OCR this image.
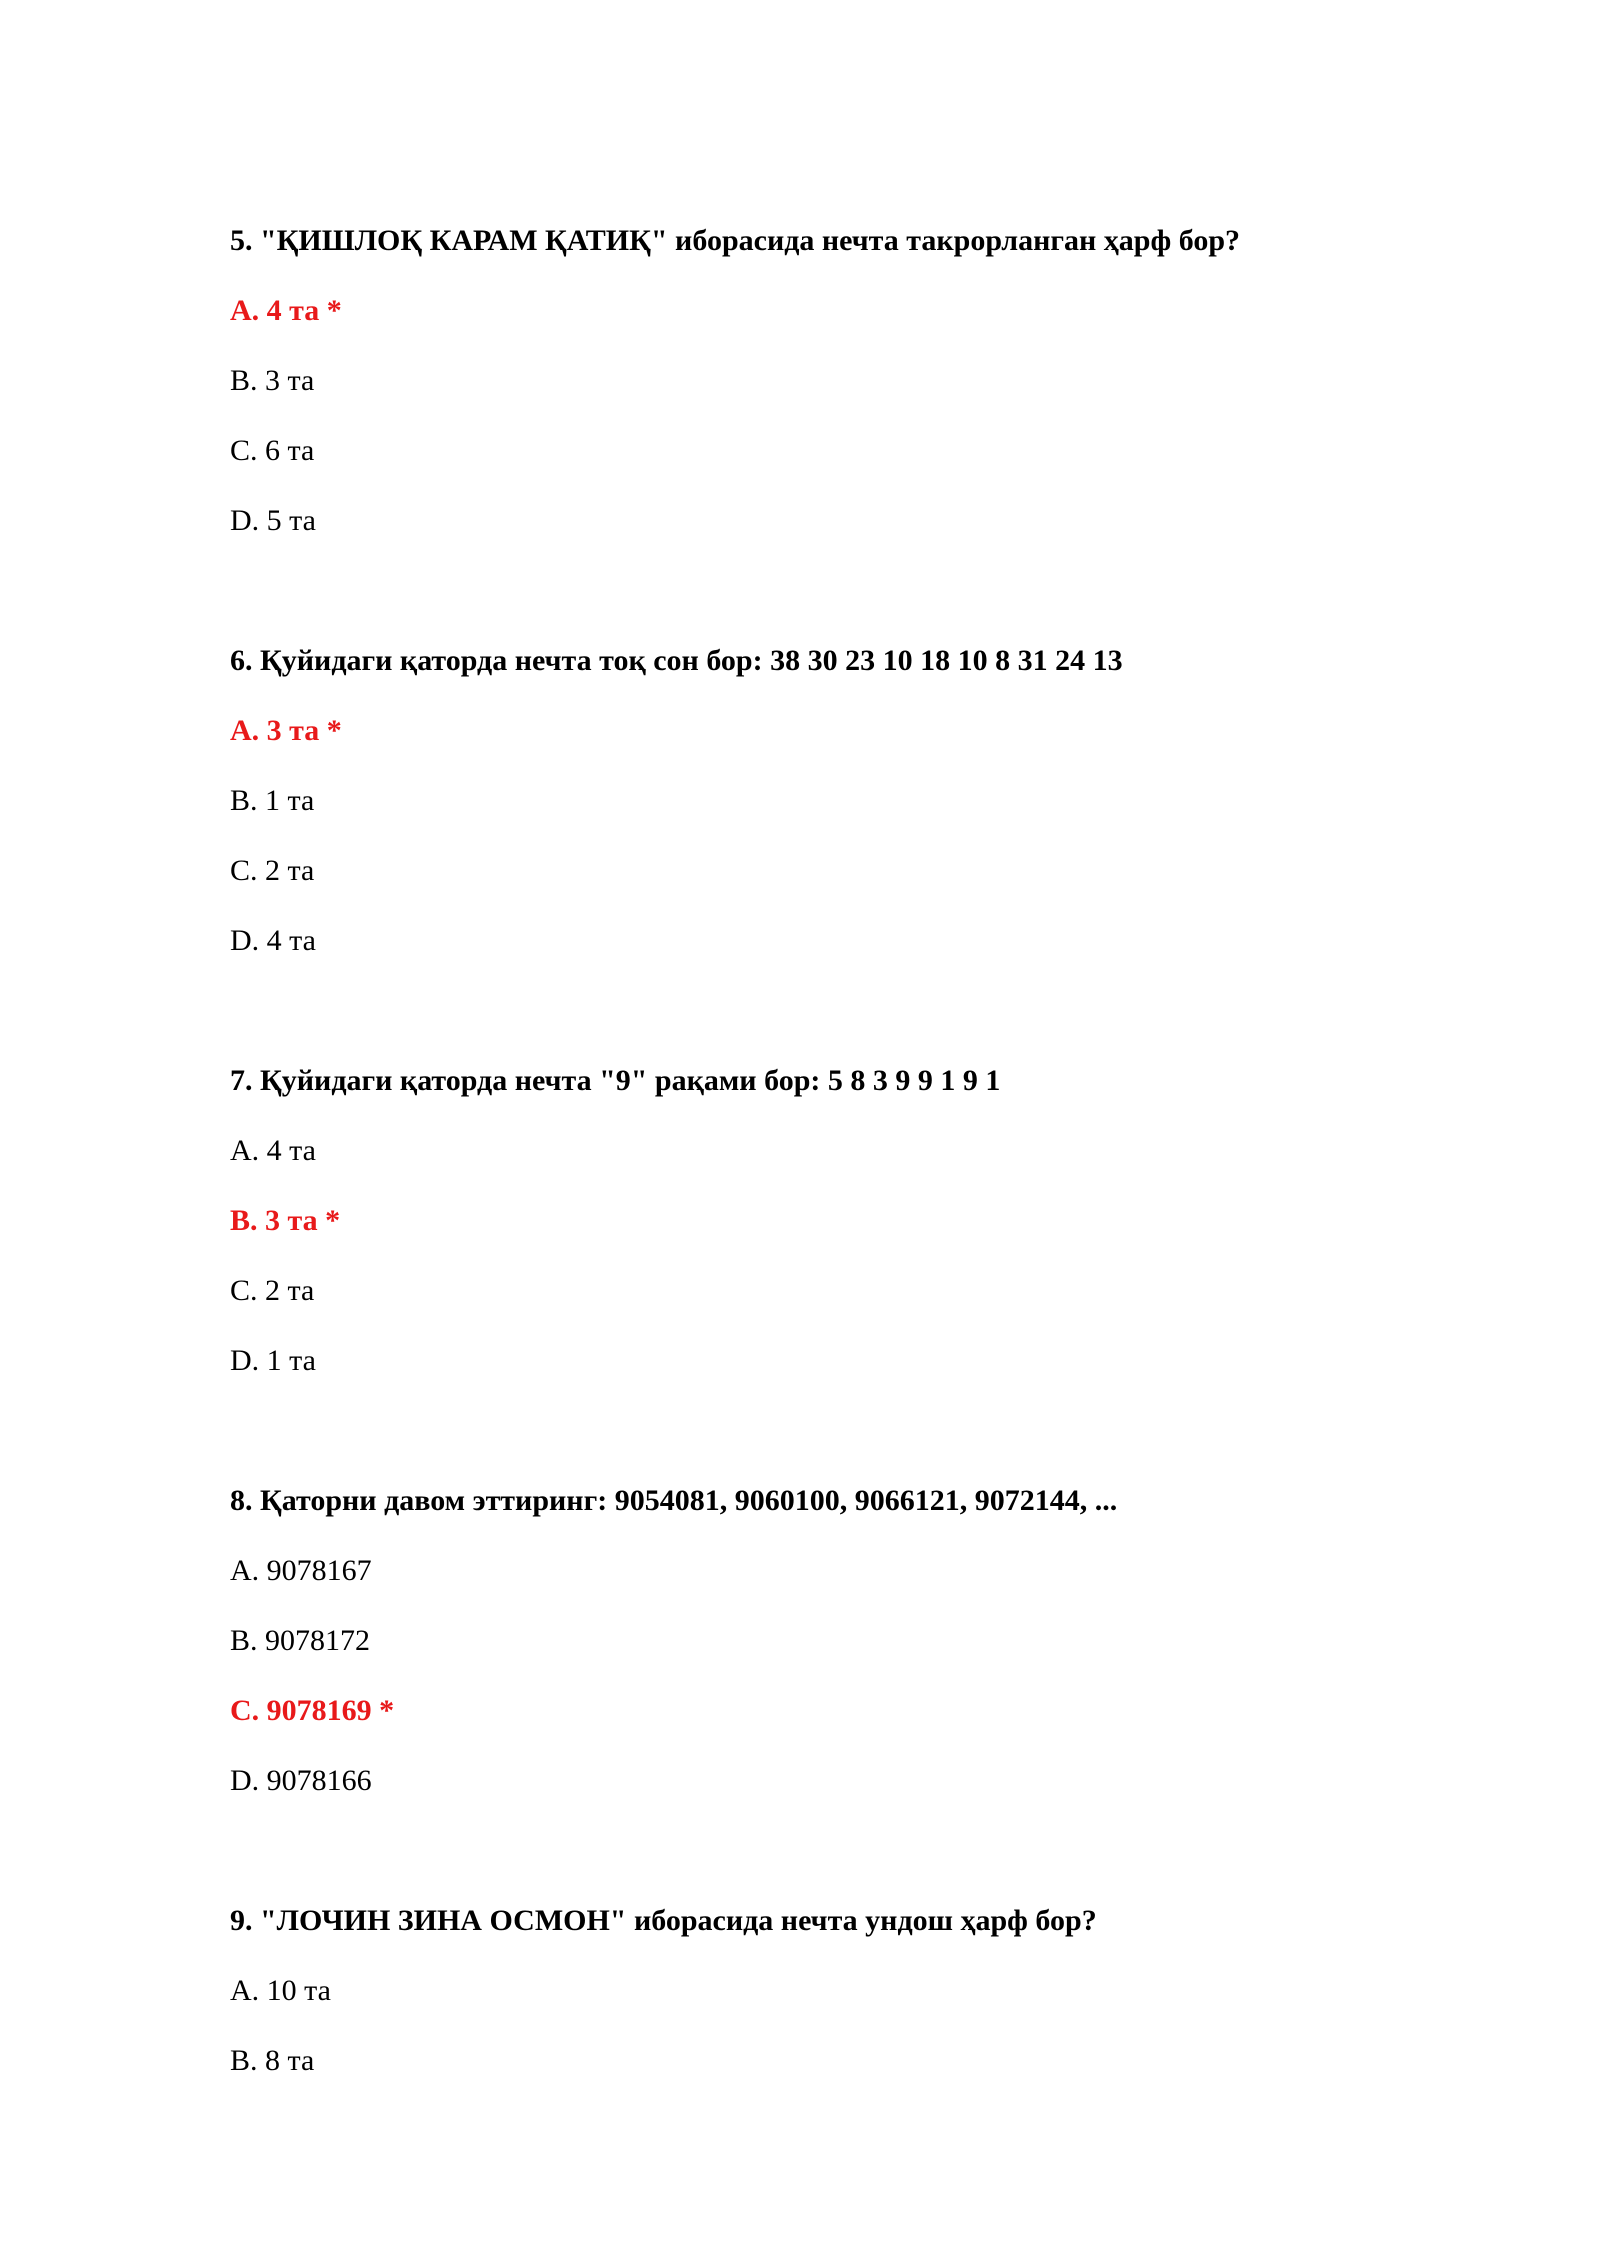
5. "ҚИШЛОҚ КАРАМ ҚАТИҚ" иборасида нечта такрорланган ҳарф бор?
A. 4 та *
B. 3 та
C. 6 та
D. 5 та
6. Қуйидаги қаторда нечта тоқ сон бор: 38 30 23 10 18 10 8 31 24 13
A. 3 та *
B. 1 та
C. 2 та
D. 4 та
7. Қуйидаги қаторда нечта "9" рақами бор: 5 8 3 9 9 1 9 1
A. 4 та
B. 3 та *
C. 2 та
D. 1 та
8. Қаторни давом эттиринг: 9054081, 9060100, 9066121, 9072144, ...
A. 9078167
B. 9078172
C. 9078169 *
D. 9078166
9. "ЛОЧИН ЗИНА ОСМОН" иборасида нечта ундош ҳарф бор?
A. 10 та
B. 8 та
